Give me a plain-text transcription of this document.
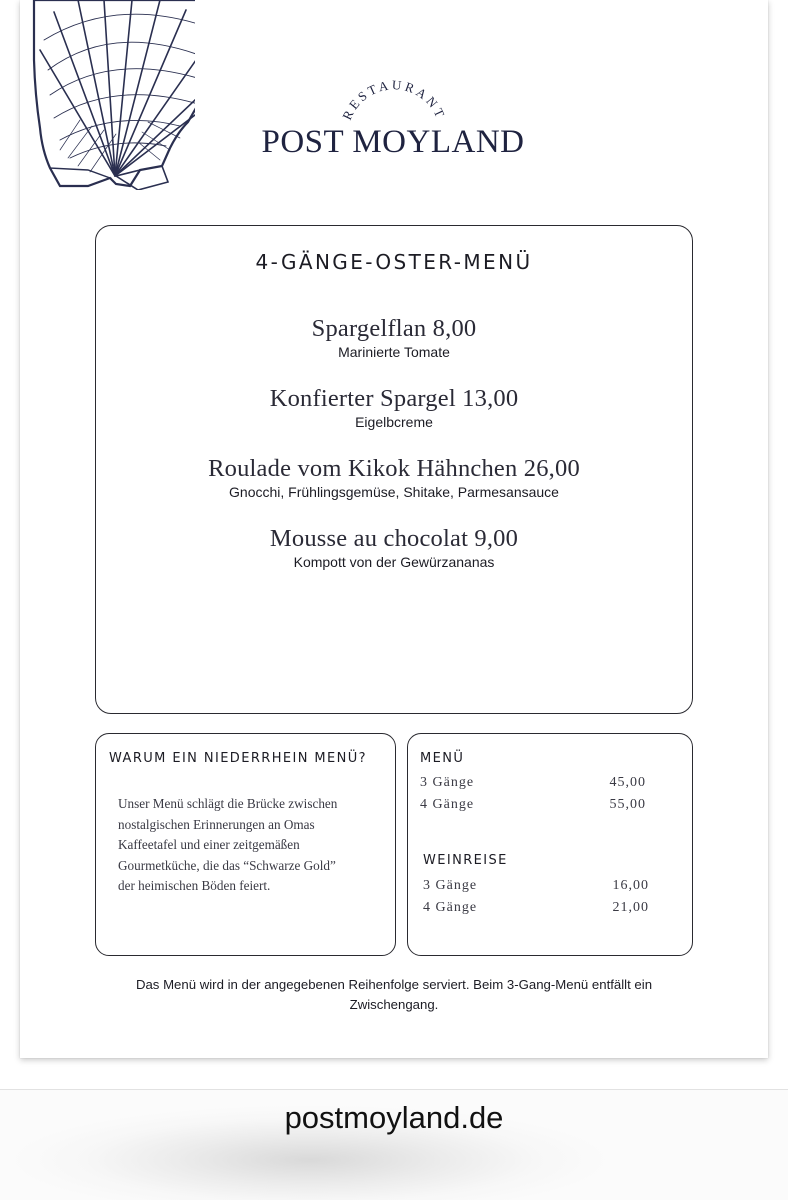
RESTAURANT
POST MOYLAND
4-GÄNGE-OSTER-MENÜ
Spargelflan 8,00
Marinierte Tomate
Konfierter Spargel 13,00
Eigelbcreme
Roulade vom Kikok Hähnchen 26,00
Gnocchi, Frühlingsgemüse, Shitake, Parmesansauce
Mousse au chocolat 9,00
Kompott von der Gewürzananas
WARUM EIN NIEDERRHEIN MENÜ?
Unser Menü schlägt die Brücke zwischen
nostalgischen Erinnerungen an Omas
Kaffeetafel und einer zeitgemäßen
Gourmetküche, die das “Schwarze Gold”
der heimischen Böden feiert.
MENÜ
3 Gänge	45,00
4 Gänge	55,00
WEINREISE
3 Gänge	16,00
4 Gänge	21,00
Das Menü wird in der angegebenen Reihenfolge serviert. Beim 3-Gang-Menü entfällt ein
Zwischengang.
postmoyland.de
